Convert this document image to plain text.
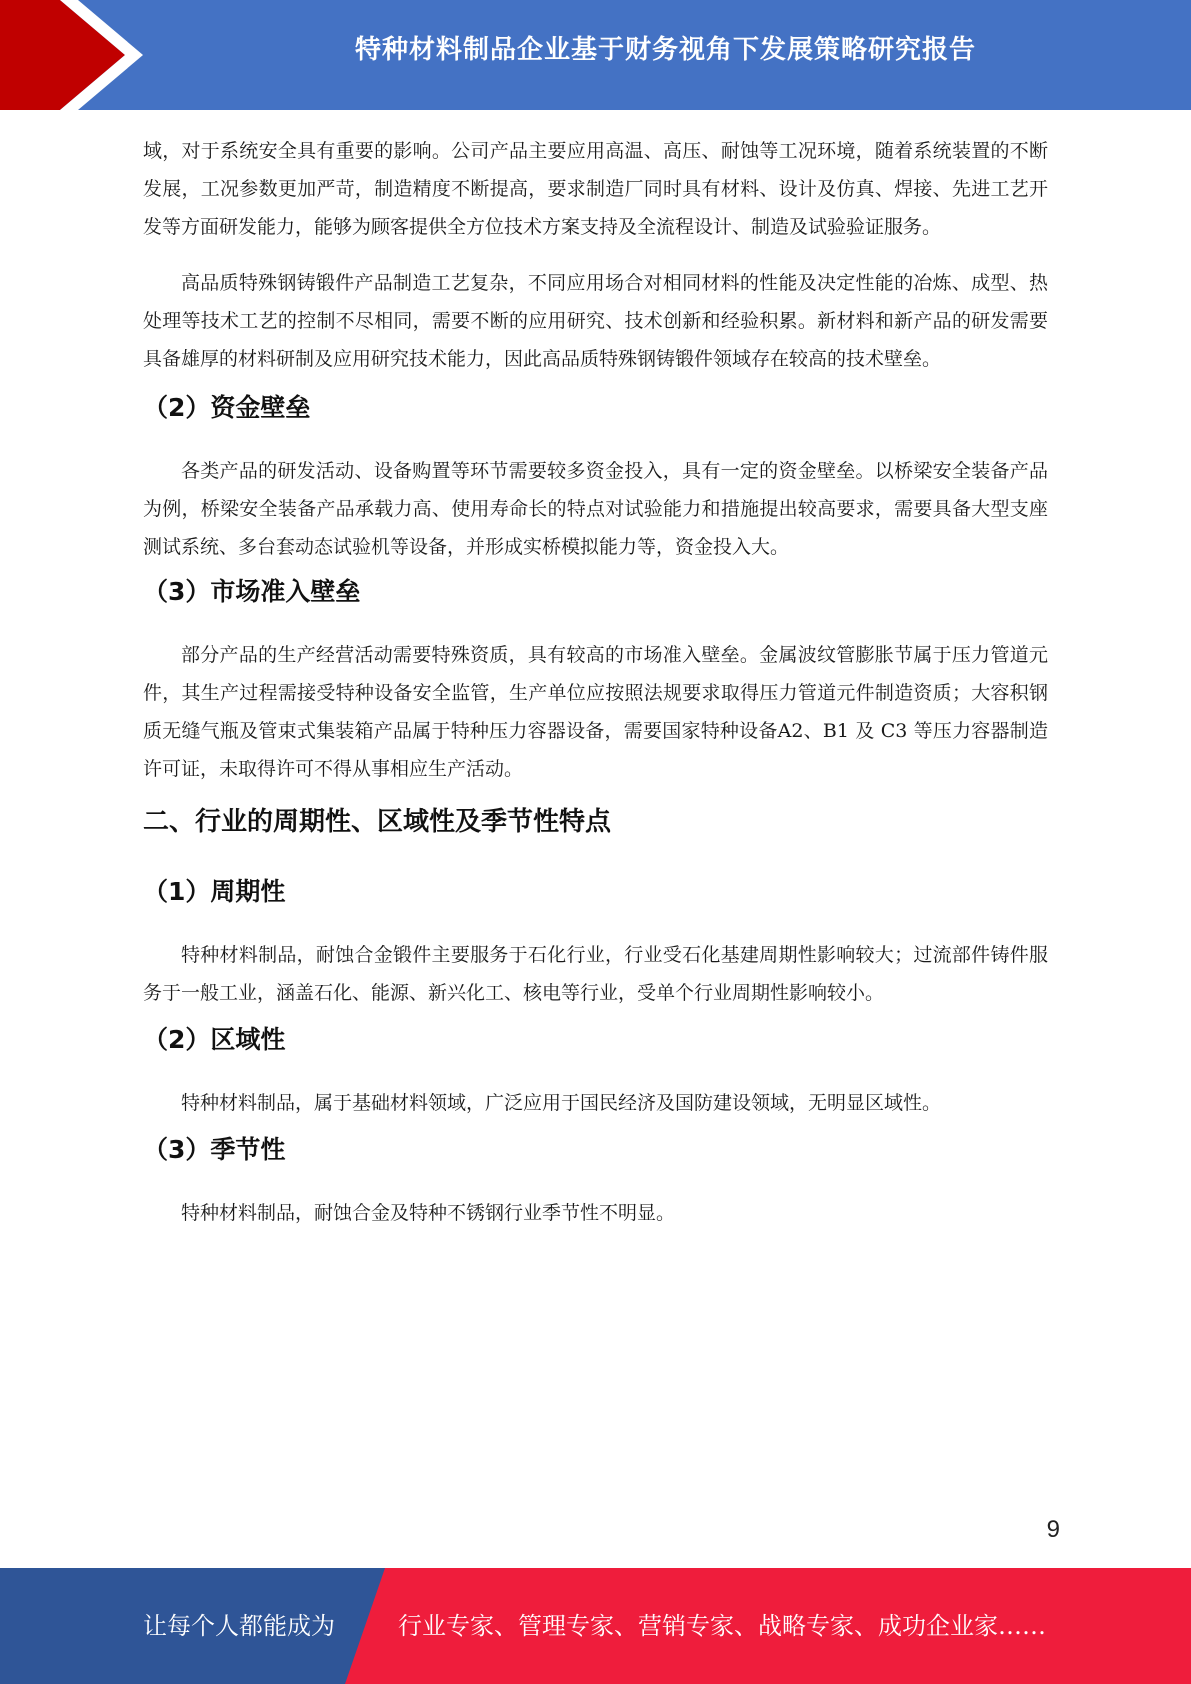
特种材料制品企业基于财务视角下发展策略研究报告

域，对于系统安全具有重要的影响。公司产品主要应用高温、高压、耐蚀等工况环境，随着系统装置的不断发展，工况参数更加严苛，制造精度不断提高，要求制造厂同时具有材料、设计及仿真、焊接、先进工艺开发等方面研发能力，能够为顾客提供全方位技术方案支持及全流程设计、制造及试验验证服务。

高品质特殊钢铸锻件产品制造工艺复杂，不同应用场合对相同材料的性能及决定性能的冶炼、成型、热处理等技术工艺的控制不尽相同，需要不断的应用研究、技术创新和经验积累。新材料和新产品的研发需要具备雄厚的材料研制及应用研究技术能力，因此高品质特殊钢铸锻件领域存在较高的技术壁垒。

（2）资金壁垒

各类产品的研发活动、设备购置等环节需要较多资金投入，具有一定的资金壁垒。以桥梁安全装备产品为例，桥梁安全装备产品承载力高、使用寿命长的特点对试验能力和措施提出较高要求，需要具备大型支座测试系统、多台套动态试验机等设备，并形成实桥模拟能力等，资金投入大。

（3）市场准入壁垒

部分产品的生产经营活动需要特殊资质，具有较高的市场准入壁垒。金属波纹管膨胀节属于压力管道元件，其生产过程需接受特种设备安全监管，生产单位应按照法规要求取得压力管道元件制造资质；大容积钢质无缝气瓶及管束式集装箱产品属于特种压力容器设备，需要国家特种设备A2、B1 及 C3 等压力容器制造许可证，未取得许可不得从事相应生产活动。

二、行业的周期性、区域性及季节性特点
（1）周期性

特种材料制品，耐蚀合金锻件主要服务于石化行业，行业受石化基建周期性影响较大；过流部件铸件服务于一般工业，涵盖石化、能源、新兴化工、核电等行业，受单个行业周期性影响较小。

（2）区域性

特种材料制品，属于基础材料领域，广泛应用于国民经济及国防建设领域，无明显区域性。

（3）季节性

特种材料制品，耐蚀合金及特种不锈钢行业季节性不明显。

9
让每个人都能成为	行业专家、管理专家、营销专家、战略专家、成功企业家……
